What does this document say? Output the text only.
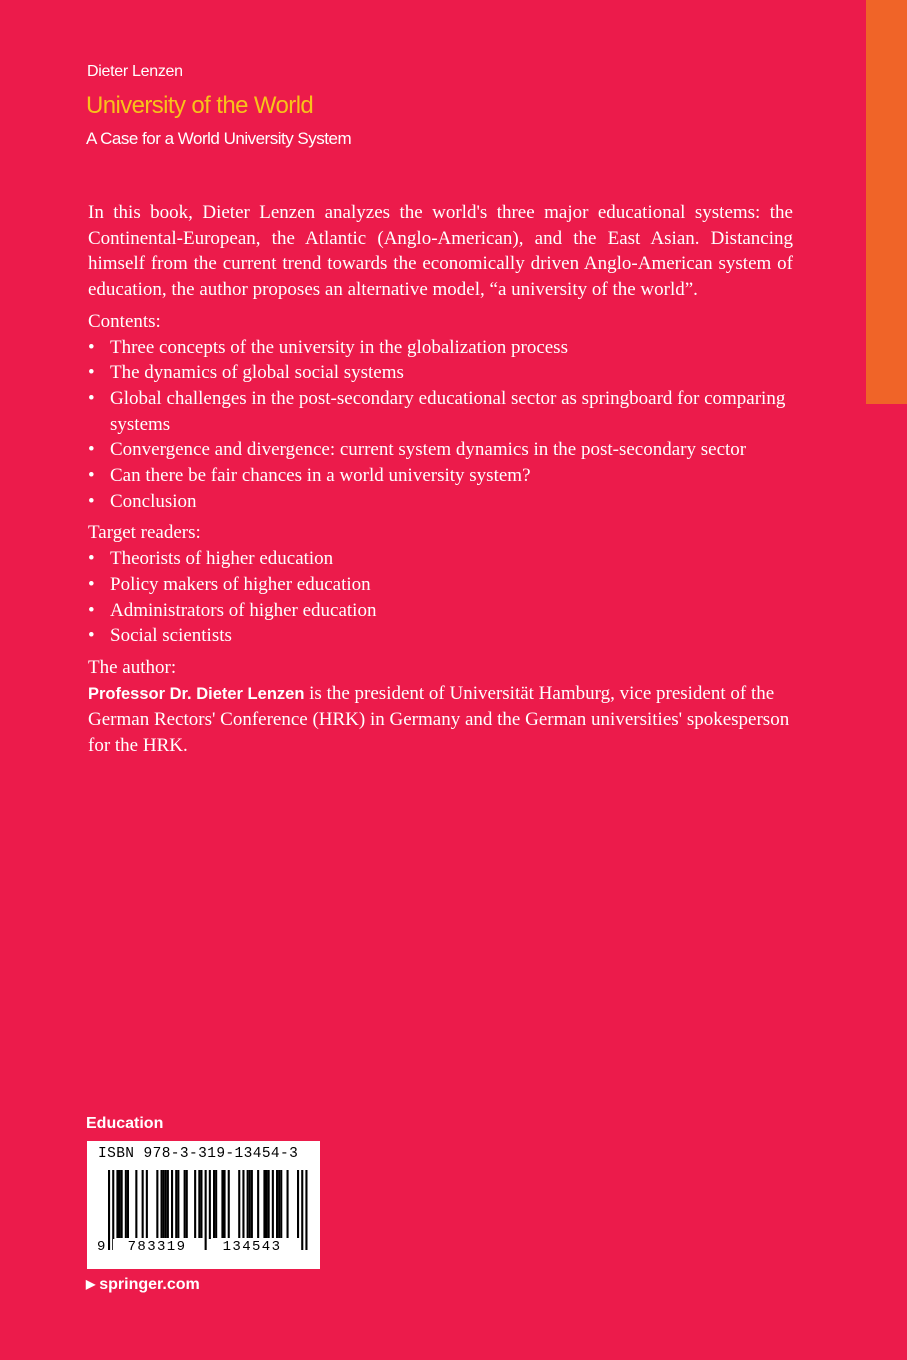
Dieter Lenzen
University of the World
A Case for a World University System

In this book, Dieter Lenzen analyzes the world's three major educational systems: the Continental-European, the Atlantic (Anglo-American), and the East Asian. Distancing himself from the current trend towards the economically driven Anglo-American system of education, the author proposes an alternative model, “a university of the world”.

Contents:

• Three concepts of the university in the globalization process
• The dynamics of global social systems
• Global challenges in the post-secondary educational sector as springboard for comparing systems
• Convergence and divergence: current system dynamics in the post-secondary sector
• Can there be fair chances in a world university system?
• Conclusion

Target readers:

• Theorists of higher education
• Policy makers of higher education
• Administrators of higher education
• Social scientists

The author:

Professor Dr. Dieter Lenzen is the president of Universität Hamburg, vice president of the German Rectors' Conference (HRK) in Germany and the German universities' spokesperson for the HRK.

Education
ISBN 978-3-319-13454-3
9	783319	134543
▶ springer.com
